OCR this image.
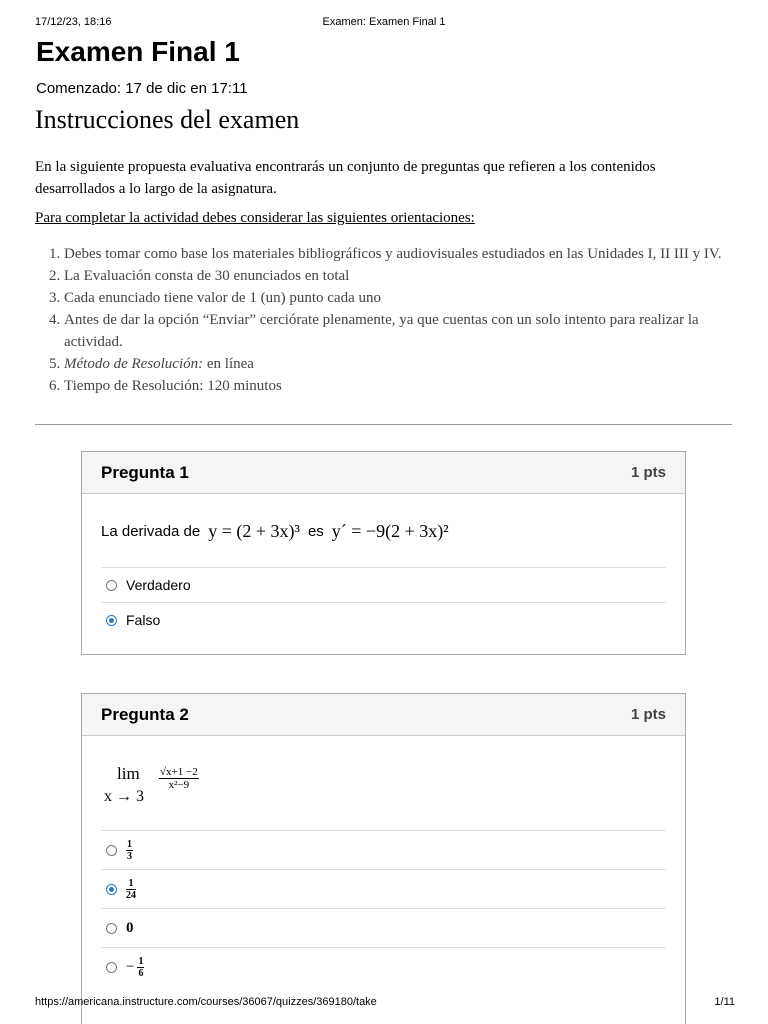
17/12/23, 18:16	Examen: Examen Final 1
Examen Final 1
Comenzado: 17 de dic en 17:11
Instrucciones del examen

En la siguiente propuesta evaluativa encontrarás un conjunto de preguntas que refieren a los contenidos desarrollados a lo largo de la asignatura.

Para completar la actividad debes considerar las siguientes orientaciones:
1. Debes tomar como base los materiales bibliográficos y audiovisuales estudiados en las Unidades I, II III y IV.
2. La Evaluación consta de 30 enunciados en total
3. Cada enunciado tiene valor de 1 (un) punto cada uno
4. Antes de dar la opción “Enviar” cerciórate plenamente, ya que cuentas con un solo intento para realizar la actividad.
5. Método de Resolución: en línea
6. Tiempo de Resolución: 120 minutos
Pregunta 1	1 pts
La derivada de y = (2 + 3x)³ es y´ = −9(2 + 3x)²
Verdadero
Falso
Pregunta 2	1 pts
lim
x → 3
$\frac{√x+1 -2}{\text{x²−9}}$
$\frac{1}{3}$
$\frac{1}{24}$
0
− $\frac{1}{6}$
https://americana.instructure.com/courses/36067/quizzes/369180/take	1/11
